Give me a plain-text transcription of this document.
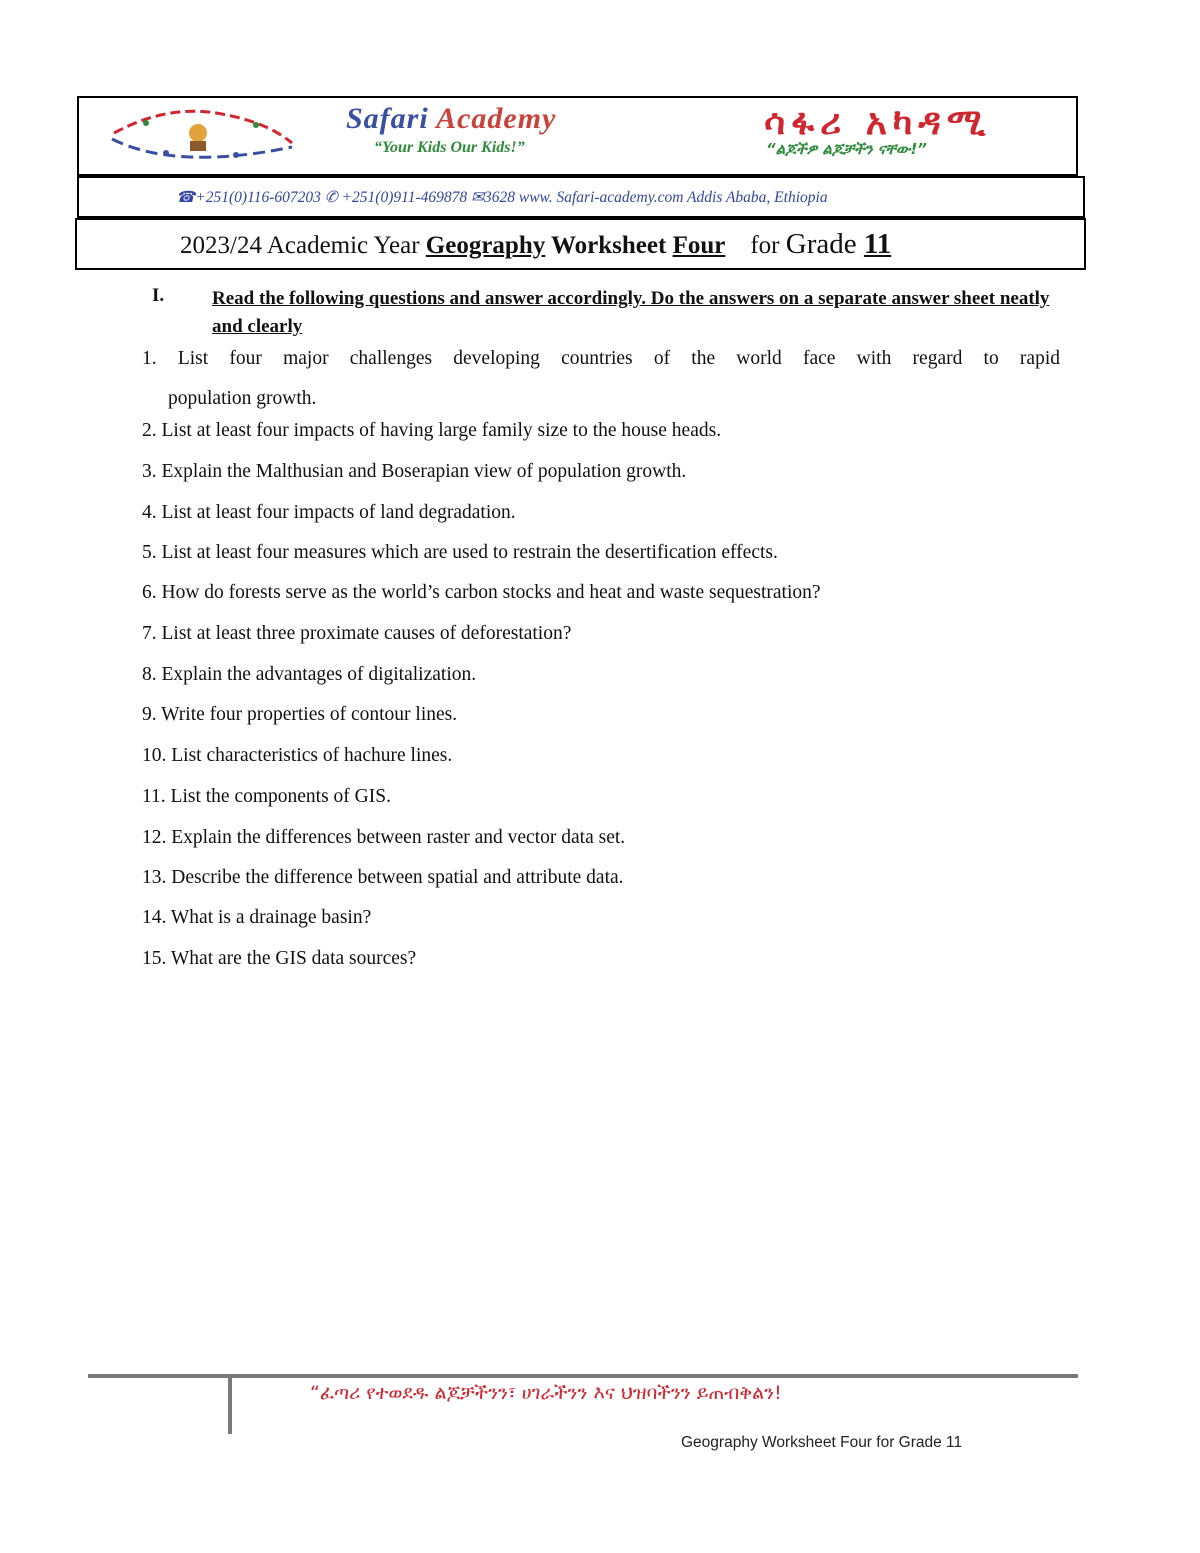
Safari Academy
“Your Kids Our Kids!”
ሳፋሪ አካዳሚ
“ልጆችዎ ልጆቻችን ናቸው!”
☎+251(0)116-607203 ✆ +251(0)911-469878 ✉3628 www. Safari-academy.com Addis Ababa, Ethiopia
2023/24 Academic Year Geography Worksheet Four for Grade 11
I.	Read the following questions and answer accordingly. Do the answers on a separate answer sheet neatly and clearly
1. List four major challenges developing countries of the world face with regard to rapid
population growth.
2. List at least four impacts of having large family size to the house heads.
3. Explain the Malthusian and Boserapian view of population growth.
4. List at least four impacts of land degradation.
5. List at least four measures which are used to restrain the desertification effects.
6. How do forests serve as the world’s carbon stocks and heat and waste sequestration?
7. List at least three proximate causes of deforestation?
8. Explain the advantages of digitalization.
9. Write four properties of contour lines.
10. List characteristics of hachure lines.
11. List the components of GIS.
12. Explain the differences between raster and vector data set.
13. Describe the difference between spatial and attribute data.
14. What is a drainage basin?
15. What are the GIS data sources?
“ፈጣሪ የተወደዱ ልጆቻችንን፣ ሀገራችንን እና ህዝባችንን ይጠብቅልን!
Geography Worksheet Four for Grade 11
